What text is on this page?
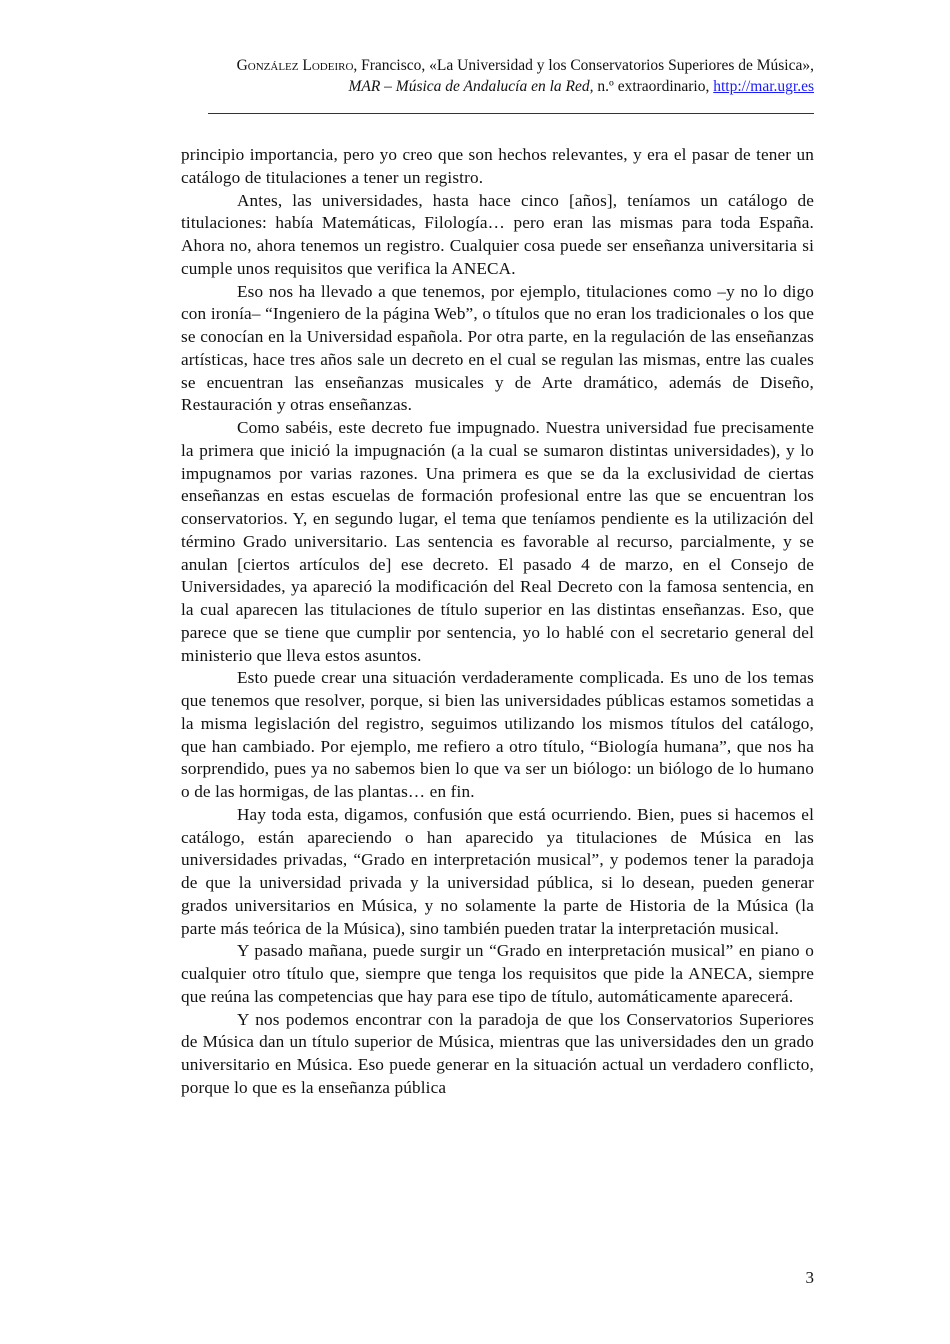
González Lodeiro, Francisco, «La Universidad y los Conservatorios Superiores de Música»,
MAR – Música de Andalucía en la Red, n.º extraordinario, http://mar.ugr.es

principio importancia, pero yo creo que son hechos relevantes, y era el pasar de tener un catálogo de titulaciones a tener un registro.

Antes, las universidades, hasta hace cinco [años], teníamos un catálogo de titulaciones: había Matemáticas, Filología… pero eran las mismas para toda España. Ahora no, ahora tenemos un registro. Cualquier cosa puede ser enseñanza universitaria si cumple unos requisitos que verifica la ANECA.

Eso nos ha llevado a que tenemos, por ejemplo, titulaciones como –y no lo digo con ironía– “Ingeniero de la página Web”, o títulos que no eran los tradicionales o los que se conocían en la Universidad española. Por otra parte, en la regulación de las enseñanzas artísticas, hace tres años sale un decreto en el cual se regulan las mismas, entre las cuales se encuentran las enseñanzas musicales y de Arte dramático, además de Diseño, Restauración y otras enseñanzas.

Como sabéis, este decreto fue impugnado. Nuestra universidad fue precisamente la primera que inició la impugnación (a la cual se sumaron distintas universidades), y lo impugnamos por varias razones. Una primera es que se da la exclusividad de ciertas enseñanzas en estas escuelas de formación profesional entre las que se encuentran los conservatorios. Y, en segundo lugar, el tema que teníamos pendiente es la utilización del término Grado universitario. Las sentencia es favorable al recurso, parcialmente, y se anulan [ciertos artículos de] ese decreto. El pasado 4 de marzo, en el Consejo de Universidades, ya apareció la modificación del Real Decreto con la famosa sentencia, en la cual aparecen las titulaciones de título superior en las distintas enseñanzas. Eso, que parece que se tiene que cumplir por sentencia, yo lo hablé con el secretario general del ministerio que lleva estos asuntos.

Esto puede crear una situación verdaderamente complicada. Es uno de los temas que tenemos que resolver, porque, si bien las universidades públicas estamos sometidas a la misma legislación del registro, seguimos utilizando los mismos títulos del catálogo, que han cambiado. Por ejemplo, me refiero a otro título, “Biología humana”, que nos ha sorprendido, pues ya no sabemos bien lo que va ser un biólogo: un biólogo de lo humano o de las hormigas, de las plantas… en fin.

Hay toda esta, digamos, confusión que está ocurriendo. Bien, pues si hacemos el catálogo, están apareciendo o han aparecido ya titulaciones de Música en las universidades privadas, “Grado en interpretación musical”, y podemos tener la paradoja de que la universidad privada y la universidad pública, si lo desean, pueden generar grados universitarios en Música, y no solamente la parte de Historia de la Música (la parte más teórica de la Música), sino también pueden tratar la interpretación musical.

Y pasado mañana, puede surgir un “Grado en interpretación musical” en piano o cualquier otro título que, siempre que tenga los requisitos que pide la ANECA, siempre que reúna las competencias que hay para ese tipo de título, automáticamente aparecerá.

Y nos podemos encontrar con la paradoja de que los Conservatorios Superiores de Música dan un título superior de Música, mientras que las universidades den un grado universitario en Música. Eso puede generar en la situación actual un verdadero conflicto, porque lo que es la enseñanza pública

3
